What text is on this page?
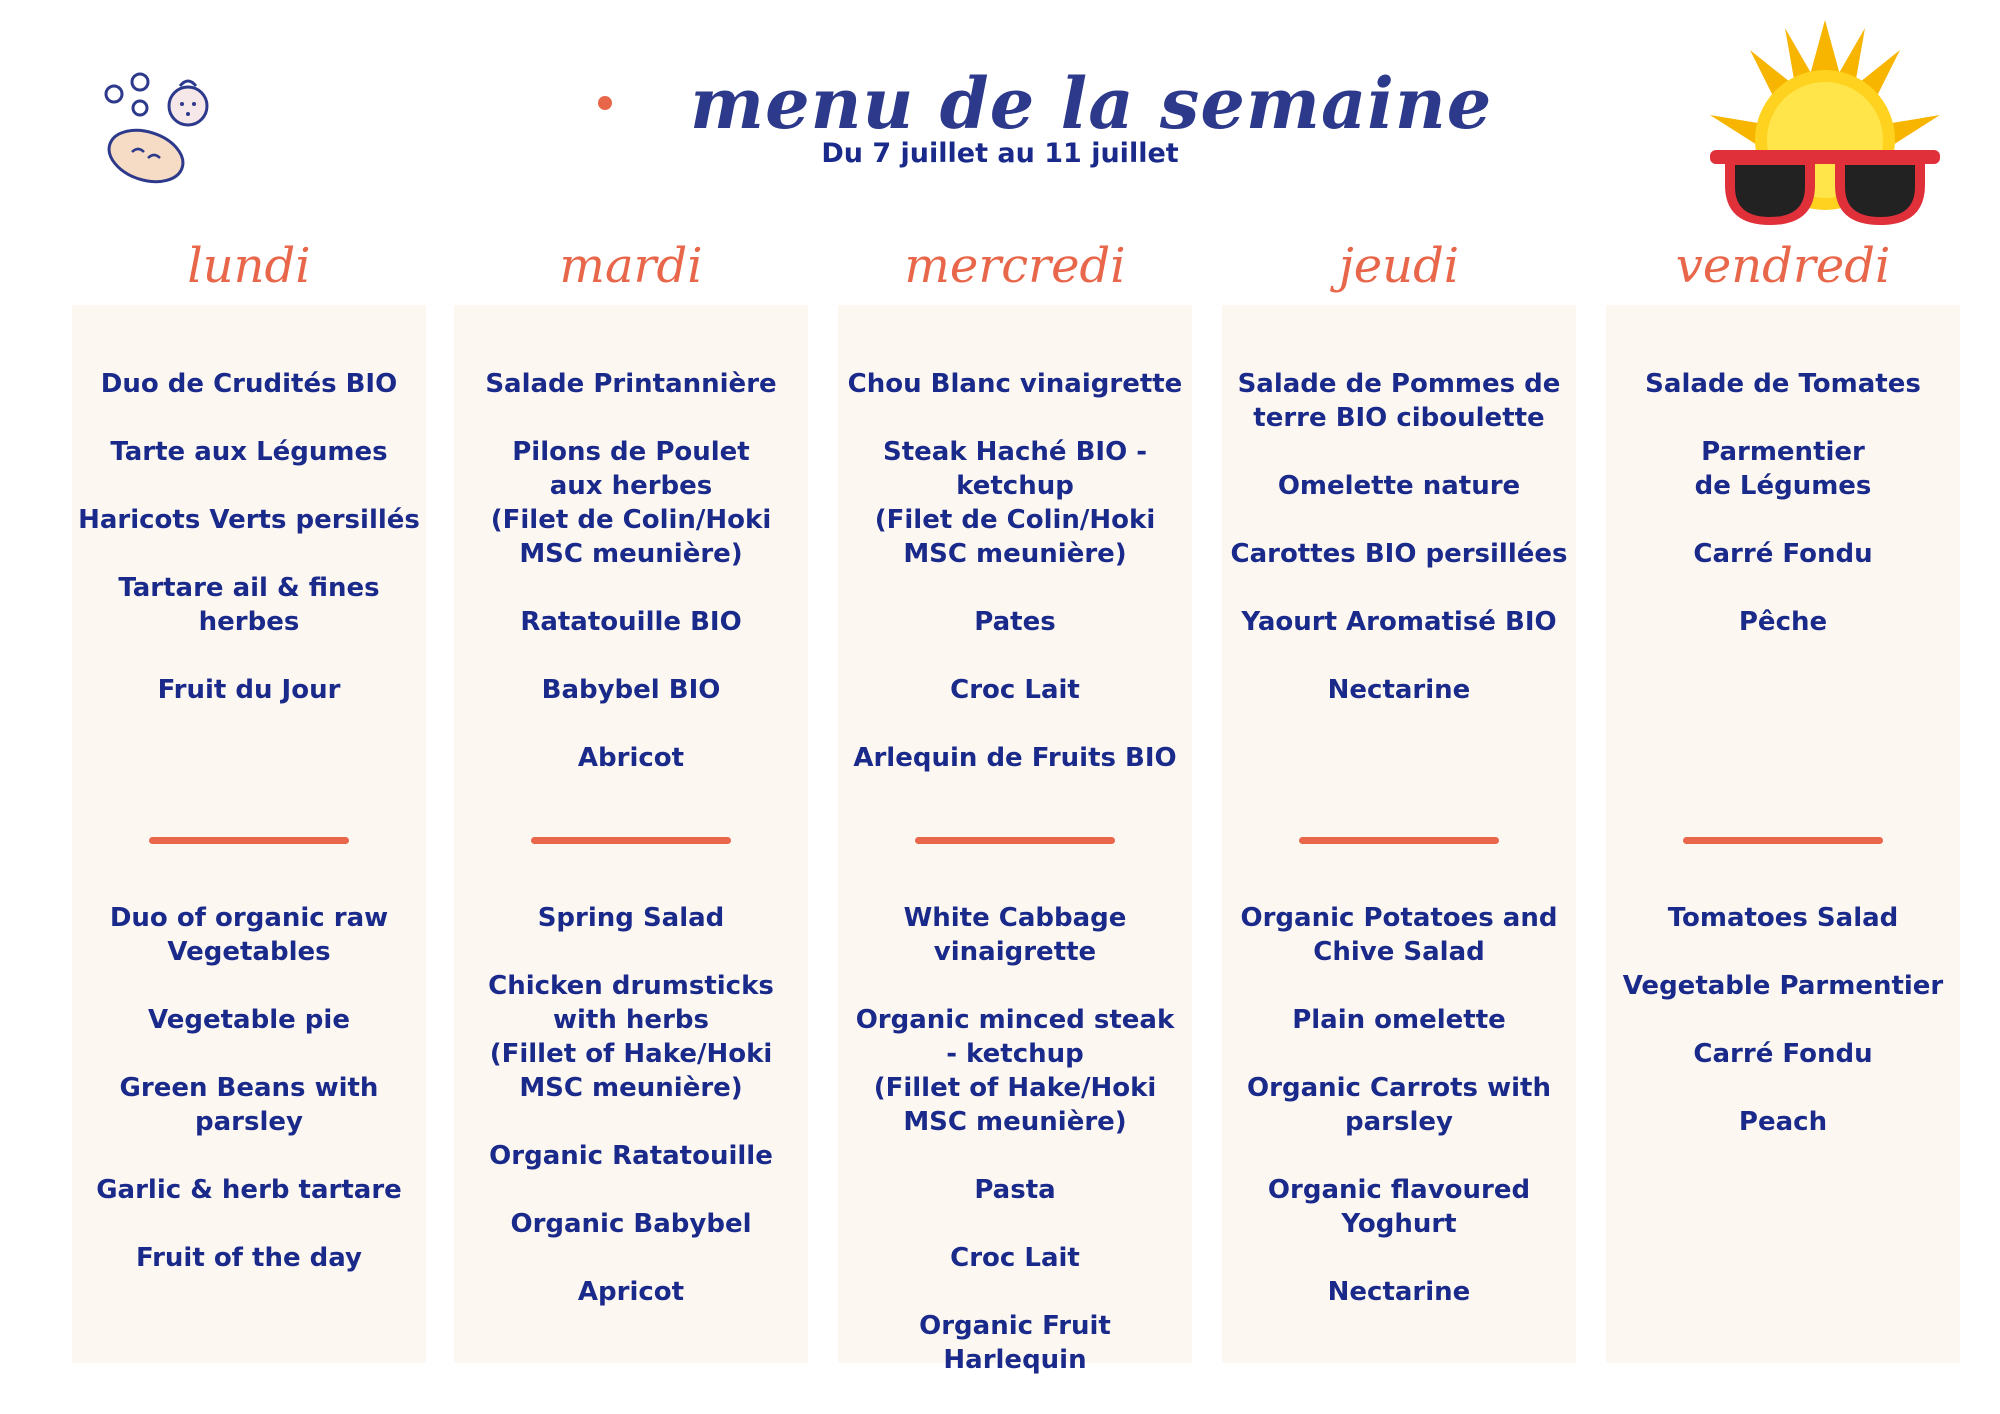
menu de la semaine
Du 7 juillet au 11 juillet
lundi
Duo de Crudités BIO
Tarte aux Légumes
Haricots Verts persillés
Tartare ail & fines herbes
Fruit du Jour
Duo of organic raw
Vegetables
Vegetable pie
Green Beans with
parsley
Garlic & herb tartare
Fruit of the day
mardi
Salade Printannière
Pilons de Poulet
aux herbes
(Filet de Colin/Hoki
MSC meunière)
Ratatouille BIO
Babybel BIO
Abricot
Spring Salad
Chicken drumsticks
with herbs
(Fillet of Hake/Hoki
MSC meunière)
Organic Ratatouille
Organic Babybel
Apricot
mercredi
Chou Blanc vinaigrette
Steak Haché BIO -
ketchup
(Filet de Colin/Hoki
MSC meunière)
Pates
Croc Lait
Arlequin de Fruits BIO
White Cabbage
vinaigrette
Organic minced steak
- ketchup
(Fillet of Hake/Hoki
MSC meunière)
Pasta
Croc Lait
Organic Fruit Harlequin
jeudi
Salade de Pommes de
terre BIO ciboulette
Omelette nature
Carottes BIO persillées
Yaourt Aromatisé BIO
Nectarine
Organic Potatoes and
Chive Salad
Plain omelette
Organic Carrots with
parsley
Organic flavoured
Yoghurt
Nectarine
vendredi
Salade de Tomates
Parmentier
de Légumes
Carré Fondu
Pêche
Tomatoes Salad
Vegetable Parmentier
Carré Fondu
Peach
